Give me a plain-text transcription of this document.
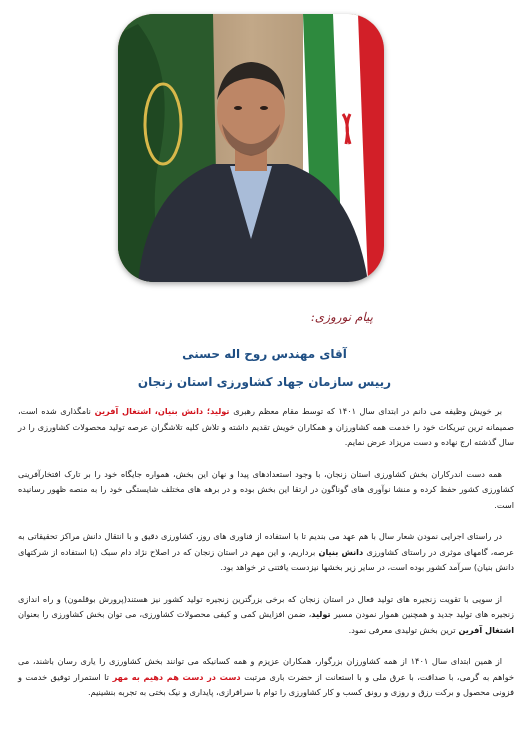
پیام نوروزی:
آقای مهندس روح اله حسنی
رییس سازمان جهاد کشاورزی استان زنجان

بر خویش وظیفه می دانم در ابتدای سال ۱۴۰۱ که توسط مقام معظم رهبری تولید؛ دانش بنیان، اشتغال آفرین نامگذاری شده است، صمیمانه ترین تبریکات خود را خدمت همه کشاورزان و همکاران خویش تقدیم داشته و تلاش کلیه تلاشگران عرصه تولید محصولات کشاورزی را در سال گذشته ارج نهاده و دست مریزاد عرض نمایم.

همه دست اندرکاران بخش کشاورزی استان زنجان، با وجود استعدادهای پیدا و نهان این بخش، همواره جایگاه خود را بر تارک افتخارآفرینی کشاورزی کشور حفظ کرده و منشا نوآوری های گوناگون در ارتقا این بخش بوده و در برهه های مختلف شایستگی خود را به منصه ظهور رسانیده است.

در راستای اجرایی نمودن شعار سال با هم عهد می بندیم تا با استفاده از فناوری های روز، کشاورزی دقیق و با انتقال دانش مراکز تحقیقاتی به عرصه، گامهای موثری در راستای کشاورزی دانش بنیان برداریم، و این مهم در استان زنجان که در اصلاح نژاد دام سبک (با استفاده از شرکتهای دانش بنیان) سرآمد کشور بوده است، در سایر زیر بخشها نیزدست یافتنی تر خواهد بود.

از سویی با تقویت زنجیره های تولید فعال در استان زنجان که برخی بزرگترین زنجیره تولید کشور نیز هستند(پرورش بوقلمون) و راه اندازی زنجیره های تولید جدید و همچنین هموار نمودن مسیر تولید، ضمن افزایش کمی و کیفی محصولات کشاورزی، می توان بخش کشاورزی را بعنوان اشتغال آفرین ترین بخش تولیدی معرفی نمود.

از همین ابتدای سال ۱۴۰۱ از همه کشاورزان بزرگوار، همکاران عزیزم و همه کسانیکه می توانند بخش کشاورزی را یاری رسان باشند، می خواهم به گرمی، با صداقت، با عرق ملی و با استعانت از حضرت باری مرتبت دست در دست هم دهیم به مهر تا استمرار توفیق خدمت و فزونی محصول و برکت رزق و روزی و رونق کسب و کار کشاورزی را توام با سرافرازی، پایداری و نیک بختی به تجربه بنشینیم.
